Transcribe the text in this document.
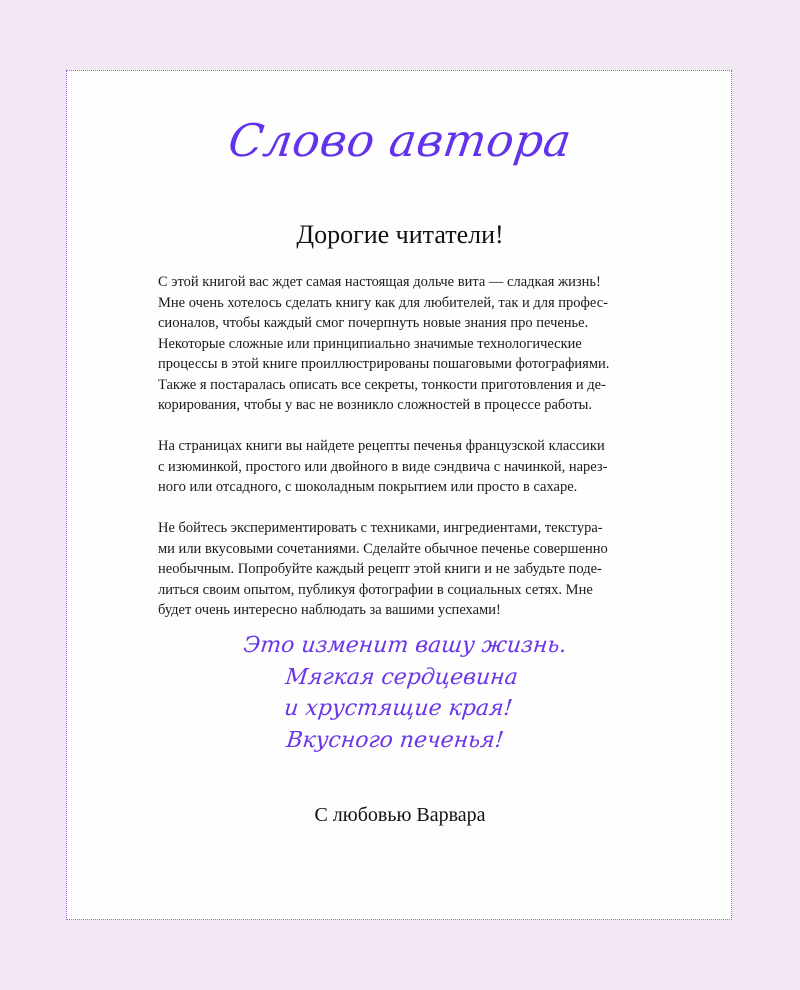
Слово автора
Дорогие читатели!

С этой книгой вас ждет самая настоящая дольче вита — сладкая жизнь!
Мне очень хотелось сделать книгу как для любителей, так и для профес-
сионалов, чтобы каждый смог почерпнуть новые знания про печенье.
Некоторые сложные или принципиально значимые технологические
процессы в этой книге проиллюстрированы пошаговыми фотографиями.
Также я постаралась описать все секреты, тонкости приготовления и де-
корирования, чтобы у вас не возникло сложностей в процессе работы.

На страницах книги вы найдете рецепты печенья французской классики
с изюминкой, простого или двойного в виде сэндвича с начинкой, нарез-
ного или отсадного, с шоколадным покрытием или просто в сахаре.

Не бойтесь экспериментировать с техниками, ингредиентами, текстура-
ми или вкусовыми сочетаниями. Сделайте обычное печенье совершенно
необычным. Попробуйте каждый рецепт этой книги и не забудьте поде-
литься своим опытом, публикуя фотографии в социальных сетях. Мне
будет очень интересно наблюдать за вашими успехами!

Это изменит вашу жизнь.
Мягкая сердцевина
и хрустящие края!
Вкусного печенья!

С любовью Варвара
